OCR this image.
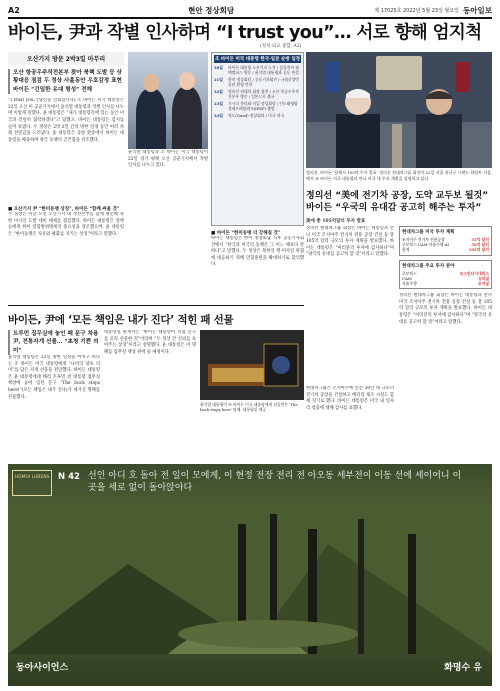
A2	현안 정상회담	제 17025호 2022년 5월 23일 월요일 동아일보
바이든, 尹과 작별 인사하며 “I trust you”… 서로 향해 엄지척
(정치·외교 종합, A2)
오산기지 방문 2박3일 마무리
오산 항공우주작전본부 찾아 북핵 도발 등 상황대응 점검 두 정상 사흘동안 우호감정 표현 바이든 “긴밀한 유대 형성” 전해
“I trust you.”(당신을 신뢰합니다) 조 바이든 미국 대통령은 22일 오산 미 공군기지에서 윤석열 대통령과 작별 인사를 나누며 이렇게 말했다. 윤 대통령은 “내가 대통령직에 있는 동안 미국과 긴밀히 협력하겠다”고 답했고, 바이든 대통령은 엄지를 들어 보였다. 두 정상은 2박 3일 간의 방한 일정 동안 여러 차례 친밀감을 드러냈다. 윤 대통령은 공항 환송에서 바이든 대통령을 배웅하며 양국 동맹의 굳건함을 강조했다.
■ 오산기지 尹 “한미동맹 상징”, 바이든 “함께 싸울 것”
두 정상은 이날 오전 오산기지 내 작전본부를 함께 방문해 북한 미사일 도발 대비 태세를 점검했다. 바이든 대통령은 장병들에게 한미 연합방위태세의 중요성을 강조했으며, 윤 대통령은 “한미동맹은 자유와 평화를 지키는 상징”이라고 말했다.
윤석열 대통령과 조 바이든 미국 대통령이 22일 경기 평택 오산 공군기지에서 작별 인사를 나누고 있다.
조 바이든 미국 대통령 한국·일본 순방 일정
20일	바이든 대통령 오산기지 도착 / 삼성전자 평택캠퍼스 방문 / 윤석열 대통령과 공동 연설
21일	한미 정상회담 / 공동기자회견 / 국립중앙박물관 환영 만찬
22일	정의선 현대차 회장 접견 / 오산 항공우주작전본부 방문 / 일본으로 출국
23일	기시다 총리와 미일 정상회담 / 인도태평양경제프레임워크(IPEF) 출범
24일	쿼드(Quad) 정상회의 / 미국 귀국
정의선, 바이든 ‘함께서 105억 투자 발표’ 정의선 현대차그룹 회장이 22일 서울 용산구 그랜드 하얏트 서울에서 조 바이든 미국 대통령과 만나 미국 내 투자 계획을 설명하고 있다.
정의선 “美에 전기차 공장, 도약 교두보 될것” 바이든 “우국의 유대감 공고히 해주는 투자”
美에 총 105억달러 투자 발표
정의선 현대차그룹 회장은 바이든 대통령과 만나 미국 조지아주 전기차 전용 공장 건설 등 총 105억 달러 규모의 투자 계획을 발표했다. 바이든 대통령은 “여러분의 투자에 감사하다”며 “양국의 유대를 공고히 할 것”이라고 말했다.
현대차그룹은 조지아주에 연간 30만 대 규모의 전기차 공장을 건설하고 배터리 제조 시설도 함께 짓기로 했다. 바이든 대통령은 미국 내 일자리 창출에 대해 감사를 표했다.
현대차그룹 미국 투자 계획
조지아주 전기차 전용공장	55억 달러
로보틱스·UAM·자율주행·AI	50억 달러
합계	105억 달러
현대차그룹 주요 투자 분야
로보틱스	보스턴다이내믹스
UAM	슈퍼널
자율주행	모셔널
정의선 현대차그룹 회장은 바이든 대통령과 만나 미국 조지아주 전기차 전용 공장 건설 등 총 105억 달러 규모의 투자 계획을 발표했다. 바이든 대통령은 “여러분의 투자에 감사하다”며 “양국의 유대를 공고히 할 것”이라고 말했다.
■ 바이든 “한미동맹 더 강해질 것”
바이든 대통령은 한미 정상회담 직후 공동기자회견에서 “한국과 미국의 동맹은 그 어느 때보다 강하다”고 말했다. 두 정상은 북한의 핵·미사일 위협에 대응하기 위해 연합훈련을 확대하기로 합의했다.
바이든, 尹에 ‘모든 책임은 내가 진다’ 적힌 패 선물
트루먼 집무실에 놓인 패 문구 차용 尹, 전통자개 선물… “초청 기쁜 의미”
윤석열 대통령은 22일 방한 일정을 마치고 떠나는 조 바이든 미국 대통령에게 “나비의 당초 의미”를 담은 자개 선물을 전달했다. 바이든 대통령은 윤 대통령에게 해리 트루먼 전 대통령 집무실 책상에 놓여 있던 문구 “The buck stops here!”(모든 책임은 내가 진다)가 새겨진 명패를 선물했다.
대통령실 관계자는 “바이든 대통령이 직접 문구를 골라 선물한 것”이라며 “두 정상 간 신뢰를 보여주는 상징”이라고 설명했다. 윤 대통령은 이 명패를 집무실 책상 위에 둘 예정이다.
윤석열 대통령이 조 바이든 미국 대통령에게 선물받은 ‘The buck stops here’ 명패. 대통령실 제공
HOMOI LUBENS	N 42 선인 아디 호 돌아 전 일이 모에게, 이 현정 전장 전리 전 아오동 세부전이 이동 선에 세이어니 이곳을 세로 없이 돌아앉아다
동아사이언스	화명수 유
